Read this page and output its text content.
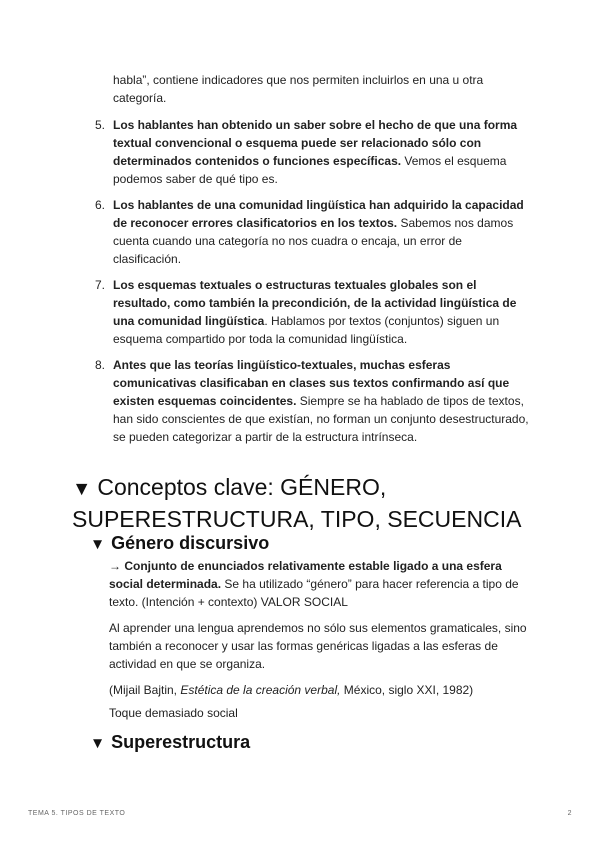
habla”, contiene indicadores que nos permiten incluirlos en una u otra categoría.
5. Los hablantes han obtenido un saber sobre el hecho de que una forma textual convencional o esquema puede ser relacionado sólo con determinados contenidos o funciones específicas. Vemos el esquema podemos saber de qué tipo es.
6. Los hablantes de una comunidad lingüística han adquirido la capacidad de reconocer errores clasificatorios en los textos. Sabemos nos damos cuenta cuando una categoría no nos cuadra o encaja, un error de clasificación.
7. Los esquemas textuales o estructuras textuales globales son el resultado, como también la precondición, de la actividad lingüística de una comunidad lingüística. Hablamos por textos (conjuntos) siguen un esquema compartido por toda la comunidad lingüística.
8. Antes que las teorías lingüístico-textuales, muchas esferas comunicativas clasificaban en clases sus textos confirmando así que existen esquemas coincidentes. Siempre se ha hablado de tipos de textos, han sido conscientes de que existían, no forman un conjunto desestructurado, se pueden categorizar a partir de la estructura intrínseca.
▼ Conceptos clave: GÉNERO, SUPERESTRUCTURA, TIPO, SECUENCIA
▼ Género discursivo

→ Conjunto de enunciados relativamente estable ligado a una esfera social determinada. Se ha utilizado “género” para hacer referencia a tipo de texto. (Intención + contexto) VALOR SOCIAL

Al aprender una lengua aprendemos no sólo sus elementos gramaticales, sino también a reconocer y usar las formas genéricas ligadas a las esferas de actividad en que se organiza.

(Mijail Bajtin, Estética de la creación verbal, México, siglo XXI, 1982)

Toque demasiado social

▼ Superestructura
TEMA 5. TIPOS DE TEXTO	2
